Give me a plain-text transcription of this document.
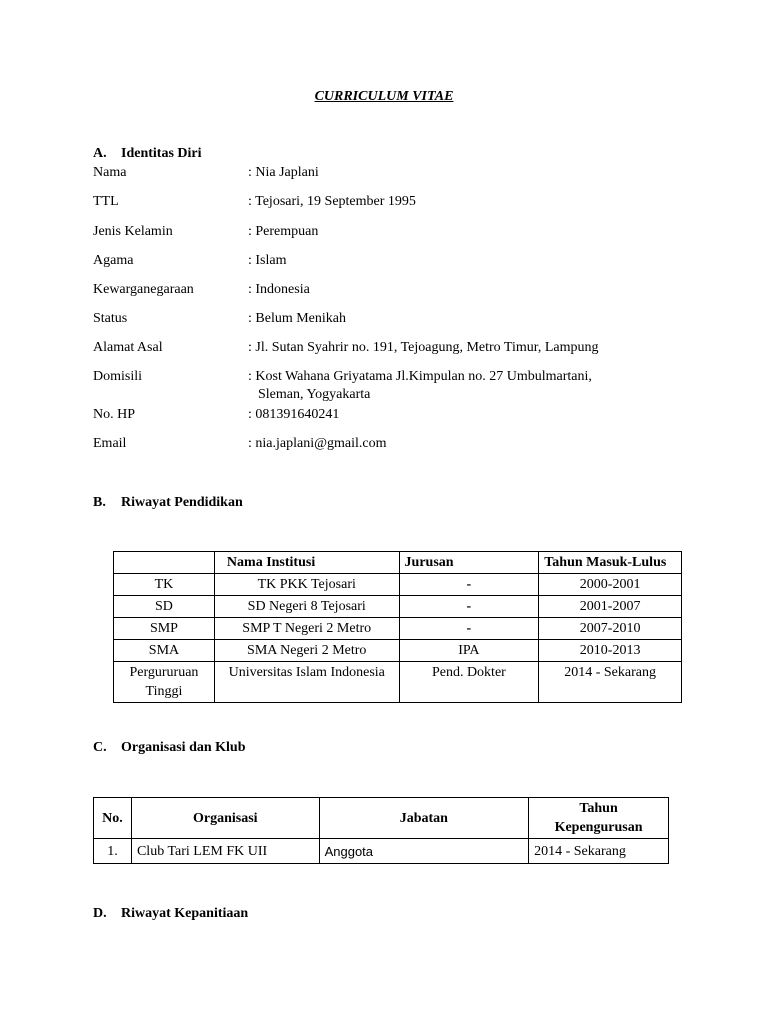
CURRICULUM VITAE
A. Identitas Diri
Nama	: Nia Japlani
TTL	: Tejosari, 19 September 1995
Jenis Kelamin	: Perempuan
Agama	: Islam
Kewarganegaraan	: Indonesia
Status	: Belum Menikah
Alamat Asal	: Jl. Sutan Syahrir no. 191, Tejoagung, Metro Timur, Lampung
Domisili	: Kost Wahana Griyatama Jl.Kimpulan no. 27 Umbulmartani,
Sleman, Yogyakarta
No. HP	: 081391640241
Email	: nia.japlani@gmail.com
B. Riwayat Pendidikan
	Nama Institusi	Jurusan	Tahun Masuk-Lulus
TK	TK PKK Tejosari	-	2000-2001
SD	SD Negeri 8 Tejosari	-	2001-2007
SMP	SMP T Negeri 2 Metro	-	2007-2010
SMA	SMA Negeri 2 Metro	IPA	2010-2013
Pergururuan Tinggi	Universitas Islam Indonesia	Pend. Dokter	2014 - Sekarang
C. Organisasi dan Klub
No.	Organisasi	Jabatan	Tahun Kepengurusan
1.	Club Tari LEM FK UII	Anggota	2014 - Sekarang
D. Riwayat Kepanitiaan
